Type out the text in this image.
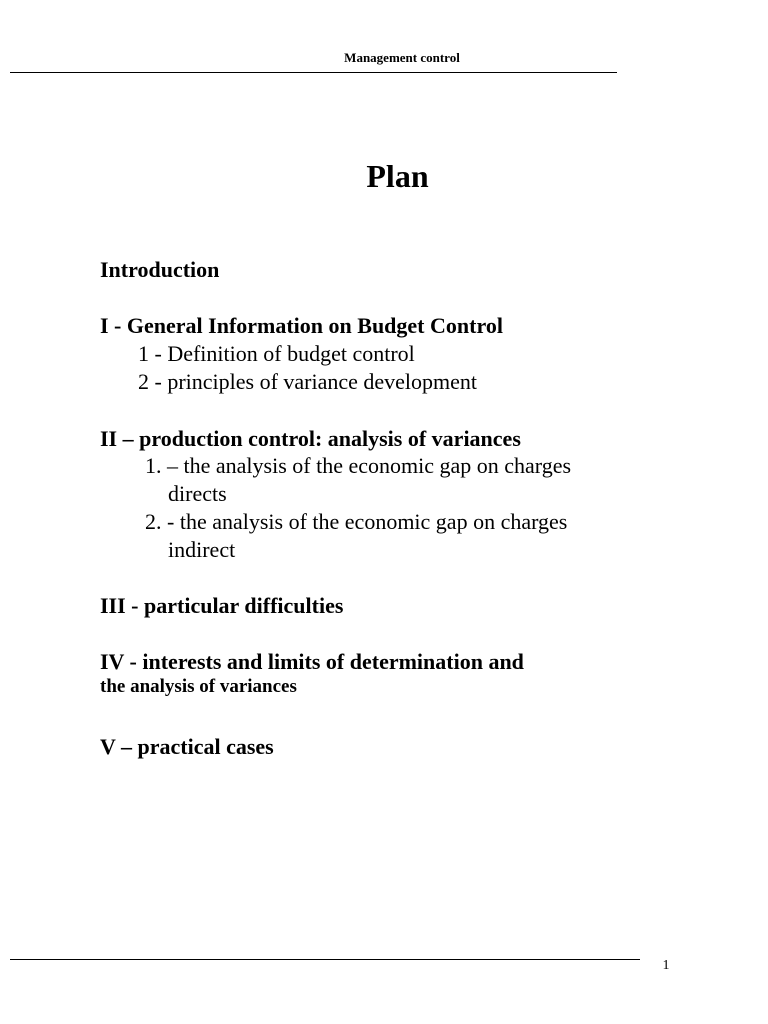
Management control
Plan
Introduction
I - General Information on Budget Control
1 - Definition of budget control
2 - principles of variance development
II – production control: analysis of variances
1. – the analysis of the economic gap on charges
directs
2. - the analysis of the economic gap on charges
indirect
III - particular difficulties
IV - interests and limits of determination and
the analysis of variances
V – practical cases
1
